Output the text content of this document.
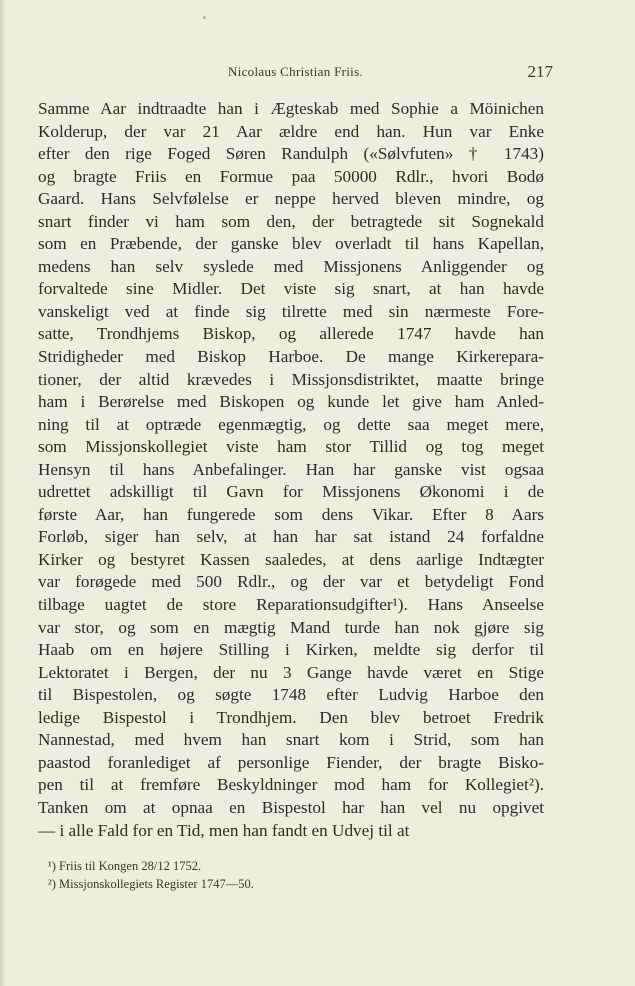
Nicolaus Christian Friis.	217
Samme Aar indtraadte han i Ægteskab med Sophie a Möinichen
Kolderup, der var 21 Aar ældre end han. Hun var Enke
efter den rige Foged Søren Randulph («Sølvfuten» † 1743)
og bragte Friis en Formue paa 50000 Rdlr., hvori Bodø
Gaard. Hans Selvfølelse er neppe herved bleven mindre, og
snart finder vi ham som den, der betragtede sit Sognekald
som en Præbende, der ganske blev overladt til hans Kapellan,
medens han selv syslede med Missjonens Anliggender og
forvaltede sine Midler. Det viste sig snart, at han havde
vanskeligt ved at finde sig tilrette med sin nærmeste Fore-
satte, Trondhjems Biskop, og allerede 1747 havde han
Stridigheder med Biskop Harboe. De mange Kirkerepara-
tioner, der altid krævedes i Missjonsdistriktet, maatte bringe
ham i Berørelse med Biskopen og kunde let give ham Anled-
ning til at optræde egenmægtig, og dette saa meget mere,
som Missjonskollegiet viste ham stor Tillid og tog meget
Hensyn til hans Anbefalinger. Han har ganske vist ogsaa
udrettet adskilligt til Gavn for Missjonens Økonomi i de
første Aar, han fungerede som dens Vikar. Efter 8 Aars
Forløb, siger han selv, at han har sat istand 24 forfaldne
Kirker og bestyret Kassen saaledes, at dens aarlige Indtægter
var forøgede med 500 Rdlr., og der var et betydeligt Fond
tilbage uagtet de store Reparationsudgifter¹). Hans Anseelse
var stor, og som en mægtig Mand turde han nok gjøre sig
Haab om en højere Stilling i Kirken, meldte sig derfor til
Lektoratet i Bergen, der nu 3 Gange havde været en Stige
til Bispestolen, og søgte 1748 efter Ludvig Harboe den
ledige Bispestol i Trondhjem. Den blev betroet Fredrik
Nannestad, med hvem han snart kom i Strid, som han
paastod foranlediget af personlige Fiender, der bragte Bisko-
pen til at fremføre Beskyldninger mod ham for Kollegiet²).
Tanken om at opnaa en Bispestol har han vel nu opgivet
— i alle Fald for en Tid, men han fandt en Udvej til at
¹) Friis til Kongen 28/12 1752.
²) Missjonskollegiets Register 1747—50.
